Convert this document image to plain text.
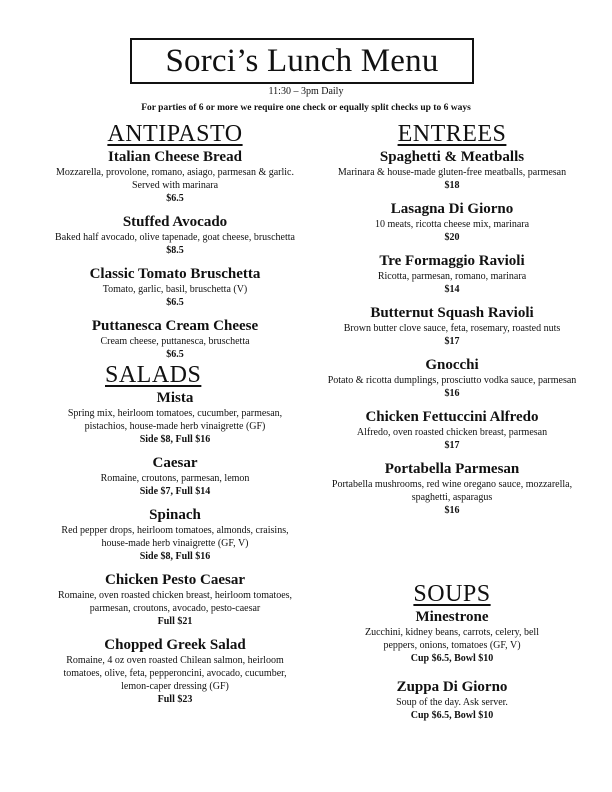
Sorci’s Lunch Menu
11:30 – 3pm Daily
For parties of 6 or more we require one check or equally split checks up to 6 ways
ANTIPASTO
Italian Cheese Bread
Mozzarella, provolone, romano, asiago, parmesan & garlic. Served with marinara
$6.5
Stuffed Avocado
Baked half avocado, olive tapenade, goat cheese, bruschetta
$8.5
Classic Tomato Bruschetta
Tomato, garlic, basil, bruschetta (V)
$6.5
Puttanesca Cream Cheese
Cream cheese, puttanesca, bruschetta
$6.5
SALADS
Mista
Spring mix, heirloom tomatoes, cucumber, parmesan, pistachios, house-made herb vinaigrette (GF)
Side $8, Full $16
Caesar
Romaine, croutons, parmesan, lemon
Side $7, Full $14
Spinach
Red pepper drops, heirloom tomatoes, almonds, craisins, house-made herb vinaigrette (GF, V)
Side $8, Full $16
Chicken Pesto Caesar
Romaine, oven roasted chicken breast, heirloom tomatoes, parmesan, croutons, avocado, pesto-caesar
Full $21
Chopped Greek Salad
Romaine, 4 oz oven roasted Chilean salmon, heirloom tomatoes, olive, feta, pepperoncini, avocado, cucumber, lemon-caper dressing (GF)
Full $23
ENTREES
Spaghetti & Meatballs
Marinara & house-made gluten-free meatballs, parmesan
$18
Lasagna Di Giorno
10 meats, ricotta cheese mix, marinara
$20
Tre Formaggio Ravioli
Ricotta, parmesan, romano, marinara
$14
Butternut Squash Ravioli
Brown butter clove sauce, feta, rosemary, roasted nuts
$17
Gnocchi
Potato & ricotta dumplings, prosciutto vodka sauce, parmesan
$16
Chicken Fettuccini Alfredo
Alfredo, oven roasted chicken breast, parmesan
$17
Portabella Parmesan
Portabella mushrooms, red wine oregano sauce, mozzarella, spaghetti, asparagus
$16
SOUPS
Minestrone
Zucchini, kidney beans, carrots, celery, bell peppers, onions, tomatoes (GF, V)
Cup $6.5, Bowl $10
Zuppa Di Giorno
Soup of the day. Ask server.
Cup $6.5, Bowl $10
